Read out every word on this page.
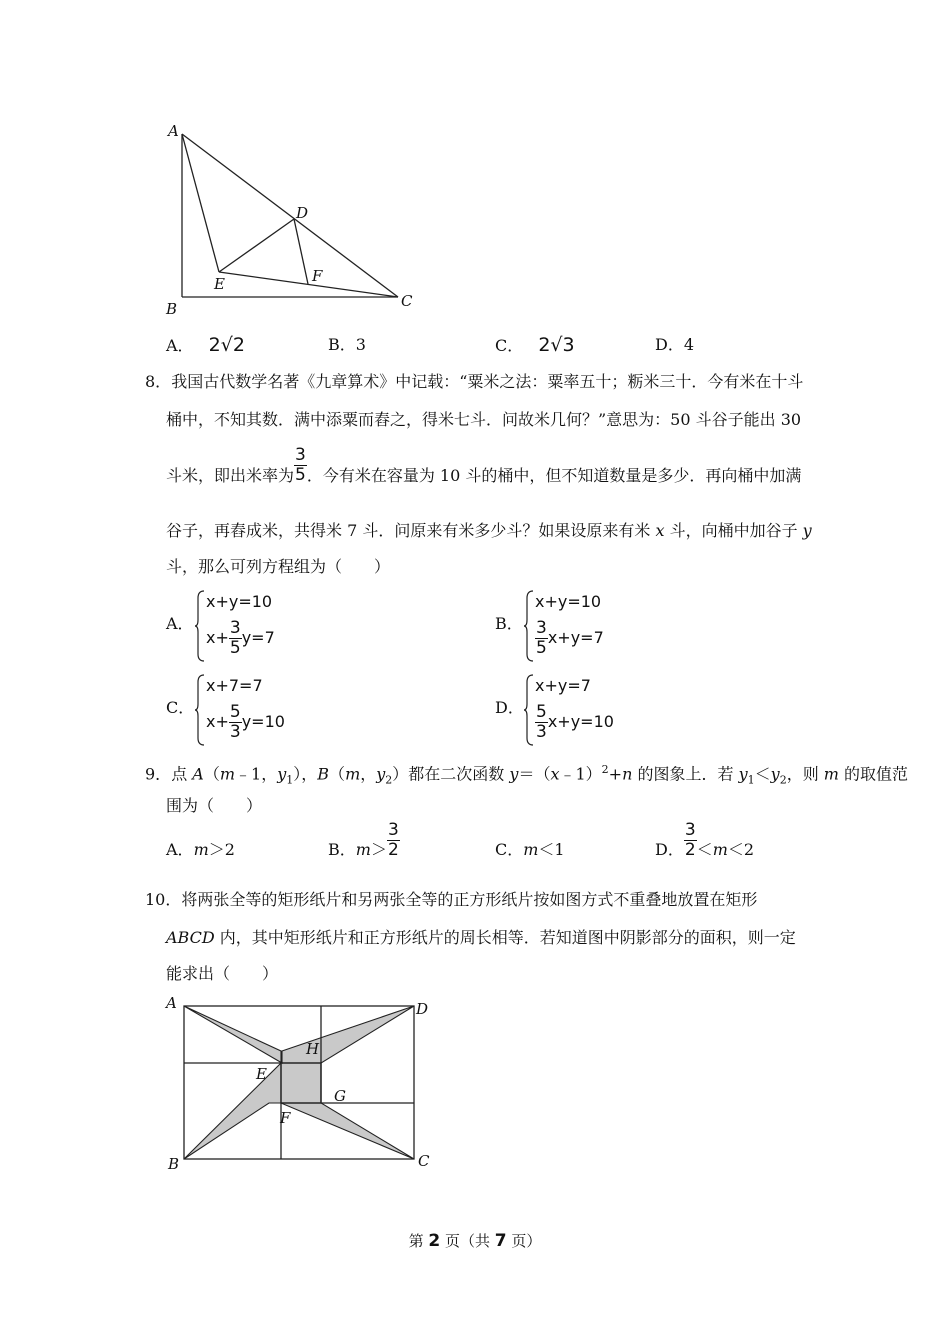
A
B	C
D
E	F
A． 2√2	B．3	C． 2√3	D．4
8．我国古代数学名著《九章算术》中记载：“粟米之法：粟率五十；粝米三十．今有米在十斗
桶中，不知其数．满中添粟而舂之，得米七斗．问故米几何？”意思为：50 斗谷子能出 30
斗米，即出米率为 $\frac{3}{5}$ ．今有米在容量为 10 斗的桶中，但不知道数量是多少．再向桶中加满
谷子，再舂成米，共得米 7 斗．问原来有米多少斗？如果设原来有米 x 斗，向桶中加谷子 y
斗，那么可列方程组为（　　）
A．
x+y=10
$x+ \frac{3}{5} y=7$
B．
x+y=10
$\frac{3}{5} x+y=7$
C．
x+7=7
$x+ \frac{5}{3} y=10$
D．
x+y=7
$\frac{5}{3} x+y=10$
9．点 A（m﹣1，$y_1$），B（m，$y_2$）都在二次函数 y＝（x﹣1）$^2$+n 的图象上．若 $y_1<y_2$，则 m 的取值范
围为（　　）
A．m＞2	B．$m> \frac{3}{2}$	C．m＜1	D． $\frac{3}{2} <m<2$
10．将两张全等的矩形纸片和另两张全等的正方形纸片按如图方式不重叠地放置在矩形
ABCD 内，其中矩形纸片和正方形纸片的周长相等．若知道图中阴影部分的面积，则一定
能求出（　　）
A
B	C
D
E
F
G
H
第 2 页（共 7 页）
